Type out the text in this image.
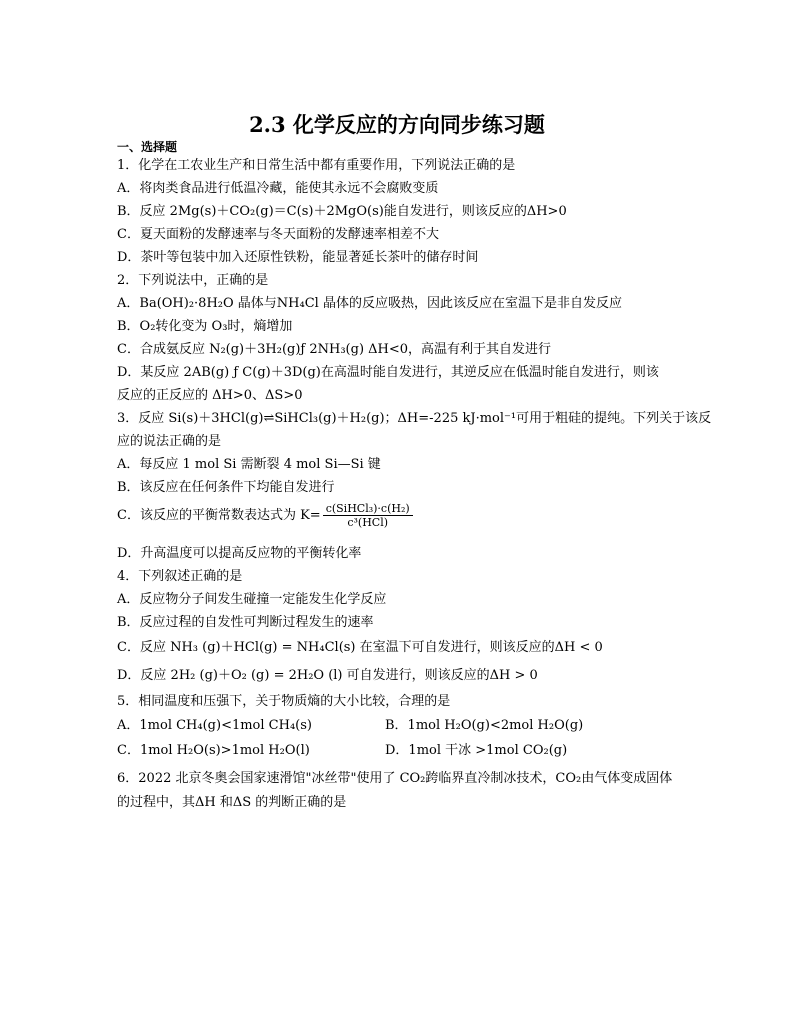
2.3 化学反应的方向同步练习题
一、选择题
1．化学在工农业生产和日常生活中都有重要作用，下列说法正确的是
A．将肉类食品进行低温冷藏，能使其永远不会腐败变质
B．反应 2Mg(s)＋CO₂(g)＝C(s)＋2MgO(s)能自发进行，则该反应的ΔH>0
C．夏天面粉的发酵速率与冬天面粉的发酵速率相差不大
D．茶叶等包装中加入还原性铁粉，能显著延长茶叶的储存时间
2．下列说法中，正确的是
A．Ba(OH)₂·8H₂O 晶体与NH₄Cl 晶体的反应吸热，因此该反应在室温下是非自发反应
B．O₂转化变为 O₃时，熵增加
C．合成氨反应 N₂(g)＋3H₂(g)ƒ 2NH₃(g) ΔH<0，高温有利于其自发进行
D．某反应 2AB(g) ƒ C(g)＋3D(g)在高温时能自发进行，其逆反应在低温时能自发进行，则该
反应的正反应的 ΔH>0、ΔS>0
3．反应 Si(s)＋3HCl(g)⇌SiHCl₃(g)＋H₂(g)；ΔH=-225 kJ·mol⁻¹可用于粗硅的提纯。下列关于该反
应的说法正确的是
A．每反应 1 mol Si 需断裂 4 mol Si—Si 键
B．该反应在任何条件下均能自发进行
C．该反应的平衡常数表达式为 $K= \frac{\text{c(SiHCl₃)·c(H₂)}}{\text{c³(HCl)}}$
D．升高温度可以提高反应物的平衡转化率
4．下列叙述正确的是
A．反应物分子间发生碰撞一定能发生化学反应
B．反应过程的自发性可判断过程发生的速率
C．反应 NH₃ (g)＋HCl(g) = NH₄Cl(s) 在室温下可自发进行，则该反应的ΔH < 0
D．反应 2H₂ (g)＋O₂ (g) = 2H₂O (l) 可自发进行，则该反应的ΔH > 0
5．相同温度和压强下，关于物质熵的大小比较，合理的是
A．1mol CH₄(g)<1mol CH₄(s)	B．1mol H₂O(g)<2mol H₂O(g)
C．1mol H₂O(s)>1mol H₂O(l)	D．1mol 干冰 >1mol CO₂(g)
6．2022 北京冬奥会国家速滑馆"冰丝带"使用了 CO₂跨临界直冷制冰技术，CO₂由气体变成固体
的过程中，其ΔH 和ΔS 的判断正确的是
